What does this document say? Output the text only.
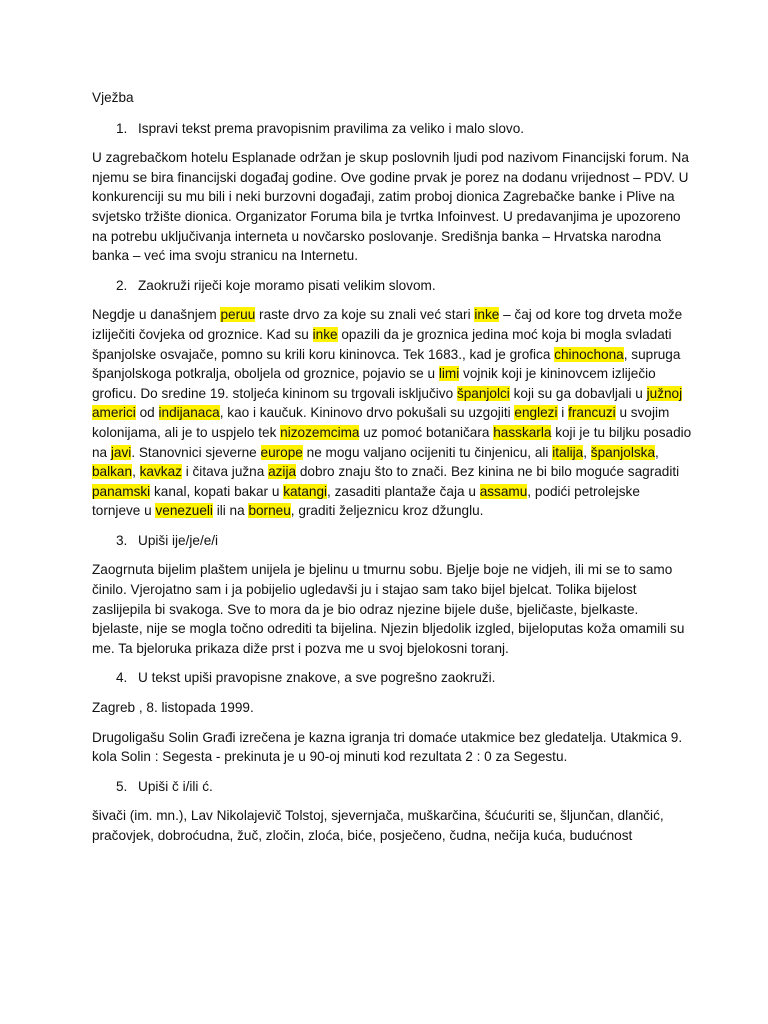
Vježba

1. Ispravi tekst prema pravopisnim pravilima za veliko i malo slovo.

U zagrebačkom hotelu Esplanade održan je skup poslovnih ljudi pod nazivom Financijski forum. Na njemu se bira financijski događaj godine. Ove godine prvak je porez na dodanu vrijednost – PDV. U konkurenciji su mu bili i neki burzovni događaji, zatim proboj dionica Zagrebačke banke i Plive na svjetsko tržište dionica. Organizator Foruma bila je tvrtka Infoinvest. U predavanjima je upozoreno na potrebu uključivanja interneta u novčarsko poslovanje. Središnja banka – Hrvatska narodna banka – već ima svoju stranicu na Internetu.

2. Zaokruži riječi koje moramo pisati velikim slovom.

Negdje u današnjem peruu raste drvo za koje su znali već stari inke – čaj od kore tog drveta može izliječiti čovjeka od groznice. Kad su inke opazili da je groznica jedina moć koja bi mogla svladati španjolske osvajače, pomno su krili koru kininovca. Tek 1683., kad je grofica chinochona, supruga španjolskoga potkralja, oboljela od groznice, pojavio se u limi vojnik koji je kininovcem izliječio groficu. Do sredine 19. stoljeća kininom su trgovali isključivo španjolci koji su ga dobavljali u južnoj americi od indijanaca, kao i kaučuk. Kininovo drvo pokušali su uzgojiti englezi i francuzi u svojim kolonijama, ali je to uspjelo tek nizozemcima uz pomoć botaničara hasskarla koji je tu biljku posadio na javi. Stanovnici sjeverne europe ne mogu valjano ocijeniti tu činjenicu, ali italija, španjolska, balkan, kavkaz i čitava južna azija dobro znaju što to znači. Bez kinina ne bi bilo moguće sagraditi panamski kanal, kopati bakar u katangi, zasaditi plantaže čaja u assamu, podići petrolejske tornjeve u venezueli ili na borneu, graditi željeznicu kroz džunglu.

3. Upiši ije/je/e/i

Zaogrnuta bijelim plaštem unijela je bjelinu u tmurnu sobu. Bjelje boje ne vidjeh, ili mi se to samo činilo. Vjerojatno sam i ja pobijelio ugledavši ju i stajao sam tako bijel bjelcat. Tolika bijelost zaslijepila bi svakoga. Sve to mora da je bio odraz njezine bijele duše, bjeličaste, bjelkaste. bjelaste, nije se mogla točno odrediti ta bijelina. Njezin bljedolik izgled, bijeloputas koža omamili su me. Ta bjeloruka prikaza diže prst i pozva me u svoj bjelokosni toranj.

4. U tekst upiši pravopisne znakove, a sve pogrešno zaokruži.

Zagreb , 8. listopada 1999.

Drugoligašu Solin Građi izrečena je kazna igranja tri domaće utakmice bez gledatelja. Utakmica 9. kola Solin : Segesta - prekinuta je u 90-oj minuti kod rezultata 2 : 0 za Segestu.

5. Upiši č i/ili ć.

šivači (im. mn.), Lav Nikolajevič Tolstoj, sjevernjača, muškarčina, šćućuriti se, šljunčan, dlančić, pračovjek, dobroćudna, žuč, zločin, zloća, biće, posječeno, čudna, nečija kuća, budućnost
